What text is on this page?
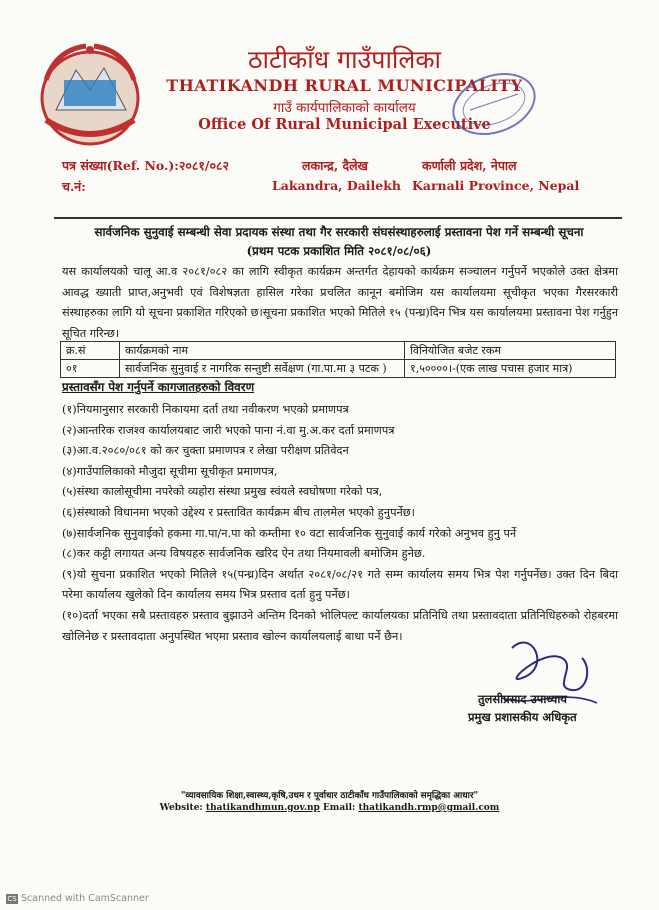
ठाटीकाँध गाउँपालिका
THATIKANDH RURAL MUNICIPALITY
गाउँ कार्यपालिकाको कार्यालय
Office Of Rural Municipal Executive
पत्र संख्या(Ref. No.):२०८१/०८२	लकान्द्र, दैलेख	कर्णाली प्रदेश, नेपाल
च.नं:	Lakandra, Dailekh Karnali Province, Nepal
सार्वजनिक सुनुवाई सम्बन्धी सेवा प्रदायक संस्था तथा गैर सरकारी संघसंस्थाहरुलाई प्रस्तावना पेश गर्ने सम्बन्धी सूचना
(प्रथम पटक प्रकाशित मिति २०८१/०८/०६)
यस कार्यालयको चालू आ.व २०८१/०८२ का लागि स्वीकृत कार्यक्रम अन्तर्गत देहायको कार्यक्रम सञ्चालन गर्नुपर्ने भएकोले उक्त क्षेत्रमा आवद्ध ख्याती प्राप्त,अनुभवी एवं विशेषज्ञता हासिल गरेका प्रचलित कानून बमोजिम यस कार्यालयमा सूचीकृत भएका गैरसरकारी संस्थाहरुका लागि यो सूचना प्रकाशित गरिएको छ।सूचना प्रकाशित भएको मितिले १५ (पन्ध्र)दिन भित्र यस कार्यालयमा प्रस्तावना पेश गर्नुहुन सूचित गरिन्छ।
क्र.सं	कार्यक्रमको नाम	विनियोजित बजेट रकम
०१	सार्वजनिक सुनुवाई र नागरिक सन्तुष्टी सर्वेक्षण (गा.पा.मा ३ पटक )	१,५००००।-(एक लाख पचास हजार मात्र)
प्रस्तावसँग पेश गर्नुपर्ने कागजातहरुको विवरण
(१)नियमानुसार सरकारी निकायमा दर्ता तथा नवीकरण भएको प्रमाणपत्र
(२)आन्तरिक राजश्व कार्यालयबाट जारी भएको पाना नं.वा मु.अ.कर दर्ता प्रमाणपत्र
(३)आ.व.२०८०/०८१ को कर चुक्ता प्रमाणपत्र र लेखा परीक्षण प्रतिवेदन
(४)गाउँपालिकाको मौजुदा सूचीमा सूचीकृत प्रमाणपत्र,
(५)संस्था कालोसूचीमा नपरेको व्यहोरा संस्था प्रमुख स्वंयले स्वघोषणा गरेको पत्र,
(६)संस्थाको विधानमा भएको उद्देश्य र प्रस्तावित कार्यक्रम बीच तालमेल भएको हुनुपर्नेछ।
(७)सार्वजनिक सुनुवाईको हकमा गा.पा/न.पा को कम्तीमा १० वटा सार्वजनिक सुनुवाई कार्य गरेको अनुभव हुनु पर्ने
(८)कर कट्टी लगायत अन्य विषयहरु सार्वजनिक खरिद ऐन तथा नियमावली बमोजिम हुनेछ.
(९)यो सुचना प्रकाशित भएको मितिले १५(पन्ध्र)दिन अर्थात २०८१/०८/२१ गते सम्म कार्यालय समय भित्र पेश गर्नुपर्नेछ। उक्त दिन बिदा परेमा कार्यालय खुलेको दिन कार्यालय समय भित्र प्रस्ताव दर्ता हुनु पर्नेछ।
(१०)दर्ता भएका सबै प्रस्तावहरु प्रस्ताव बुझाउने अन्तिम दिनको भोलिपल्ट कार्यालयका प्रतिनिधि तथा प्रस्तावदाता प्रतिनिधिहरुको रोहबरमा खोलिनेछ र प्रस्तावदाता अनुपस्थित भएमा प्रस्ताव खोल्न कार्यालयलाई बाधा पर्ने छैन।
तुलसीप्रसाद उपाध्याय
प्रमुख प्रशासकीय अधिकृत
"व्यावसायिक शिक्षा,स्वास्थ्य,कृषि,उधम र पूर्वाधार ठाटीकाँध गाउँपालिकाको समृद्धिका आधार"
Website: thatikandhmun.gov.np Email: thatikandh.rmp@gmail.com
CS Scanned with CamScanner
